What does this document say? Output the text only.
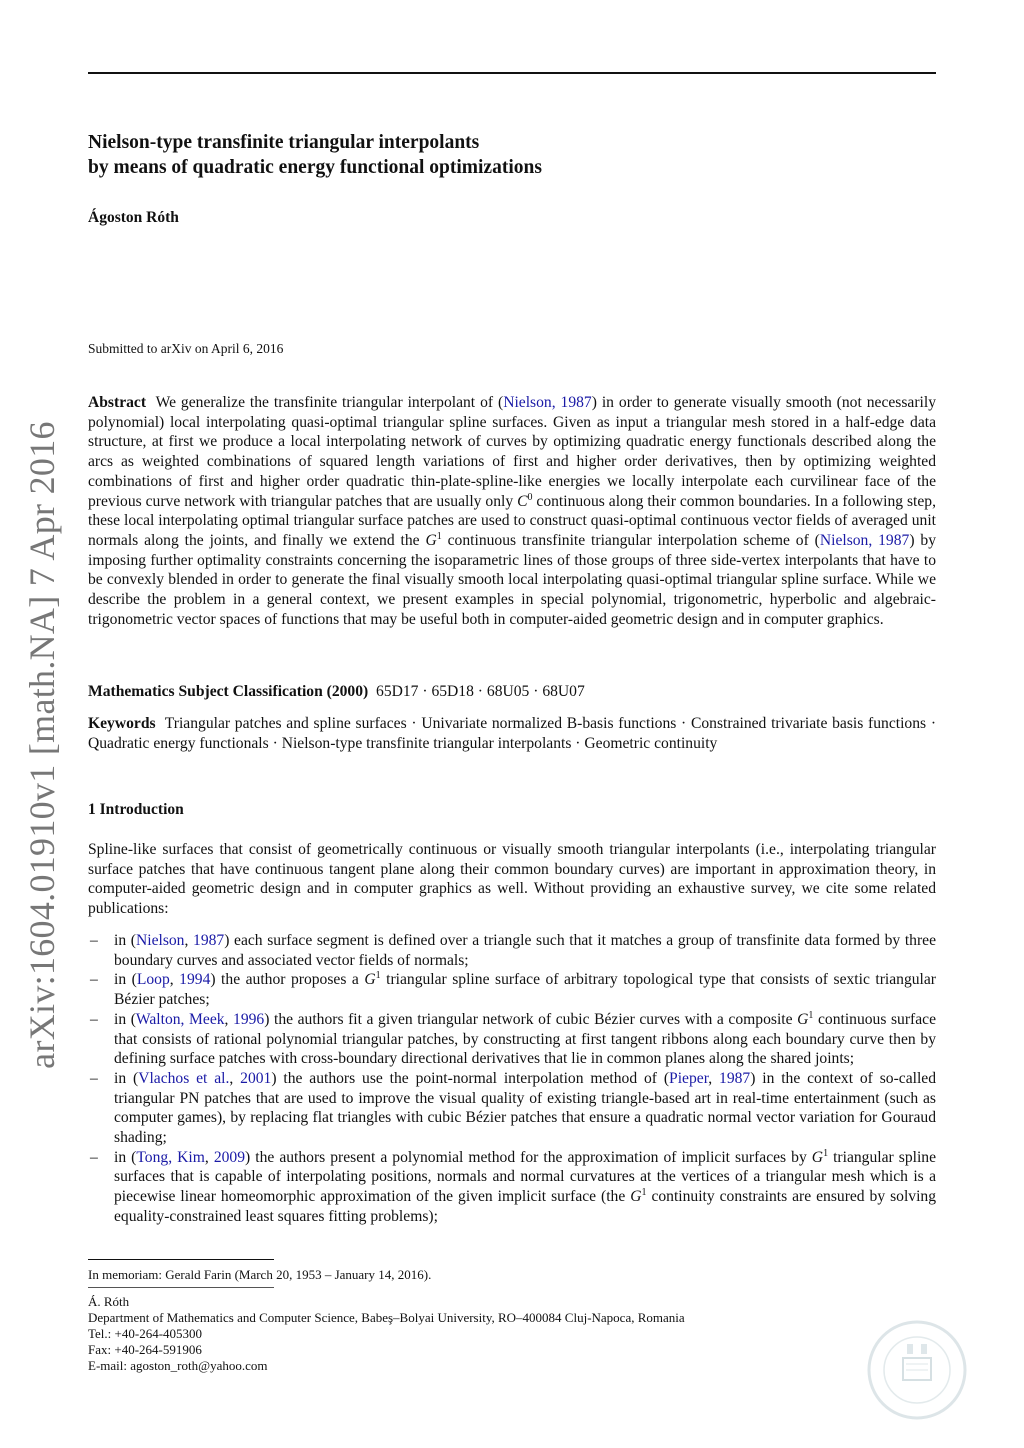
arXiv:1604.01910v1 [math.NA] 7 Apr 2016
Nielson-type transfinite triangular interpolants
by means of quadratic energy functional optimizations
Ágoston Róth
Submitted to arXiv on April 6, 2016
Abstract We generalize the transfinite triangular interpolant of (Nielson, 1987) in order to generate visually smooth (not necessarily polynomial) local interpolating quasi-optimal triangular spline surfaces. Given as input a triangular mesh stored in a half-edge data structure, at first we produce a local interpolating network of curves by optimizing quadratic energy functionals described along the arcs as weighted combinations of squared length variations of first and higher order derivatives, then by optimizing weighted combinations of first and higher order quadratic thin-plate-spline-like energies we locally interpolate each curvilinear face of the previous curve network with triangular patches that are usually only $C^0$ continuous along their common boundaries. In a following step, these local interpolating optimal triangular surface patches are used to construct quasi-optimal continuous vector fields of averaged unit normals along the joints, and finally we extend the $G^1$ continuous transfinite triangular interpolation scheme of (Nielson, 1987) by imposing further optimality constraints concerning the isoparametric lines of those groups of three side-vertex interpolants that have to be convexly blended in order to generate the final visually smooth local interpolating quasi-optimal triangular spline surface. While we describe the problem in a general context, we present examples in special polynomial, trigonometric, hyperbolic and algebraic-trigonometric vector spaces of functions that may be useful both in computer-aided geometric design and in computer graphics.
Mathematics Subject Classification (2000) 65D17 · 65D18 · 68U05 · 68U07
Keywords Triangular patches and spline surfaces · Univariate normalized B-basis functions · Constrained trivariate basis functions · Quadratic energy functionals · Nielson-type transfinite triangular interpolants · Geometric continuity
1 Introduction
Spline-like surfaces that consist of geometrically continuous or visually smooth triangular interpolants (i.e., interpolating triangular surface patches that have continuous tangent plane along their common boundary curves) are important in approximation theory, in computer-aided geometric design and in computer graphics as well. Without providing an exhaustive survey, we cite some related publications:
– in (Nielson, 1987) each surface segment is defined over a triangle such that it matches a group of transfinite data formed by three boundary curves and associated vector fields of normals;
– in (Loop, 1994) the author proposes a $G^1$ triangular spline surface of arbitrary topological type that consists of sextic triangular Bézier patches;
– in (Walton, Meek, 1996) the authors fit a given triangular network of cubic Bézier curves with a composite $G^1$ continuous surface that consists of rational polynomial triangular patches, by constructing at first tangent ribbons along each boundary curve then by defining surface patches with cross-boundary directional derivatives that lie in common planes along the shared joints;
– in (Vlachos et al., 2001) the authors use the point-normal interpolation method of (Pieper, 1987) in the context of so-called triangular PN patches that are used to improve the visual quality of existing triangle-based art in real-time entertainment (such as computer games), by replacing flat triangles with cubic Bézier patches that ensure a quadratic normal vector variation for Gouraud shading;
– in (Tong, Kim, 2009) the authors present a polynomial method for the approximation of implicit surfaces by $G^1$ triangular spline surfaces that is capable of interpolating positions, normals and normal curvatures at the vertices of a triangular mesh which is a piecewise linear homeomorphic approximation of the given implicit surface (the $G^1$ continuity constraints are ensured by solving equality-constrained least squares fitting problems);
In memoriam: Gerald Farin (March 20, 1953 – January 14, 2016).
Á. Róth
Department of Mathematics and Computer Science, Babeş–Bolyai University, RO–400084 Cluj-Napoca, Romania
Tel.: +40-264-405300
Fax: +40-264-591906
E-mail: agoston_roth@yahoo.com
